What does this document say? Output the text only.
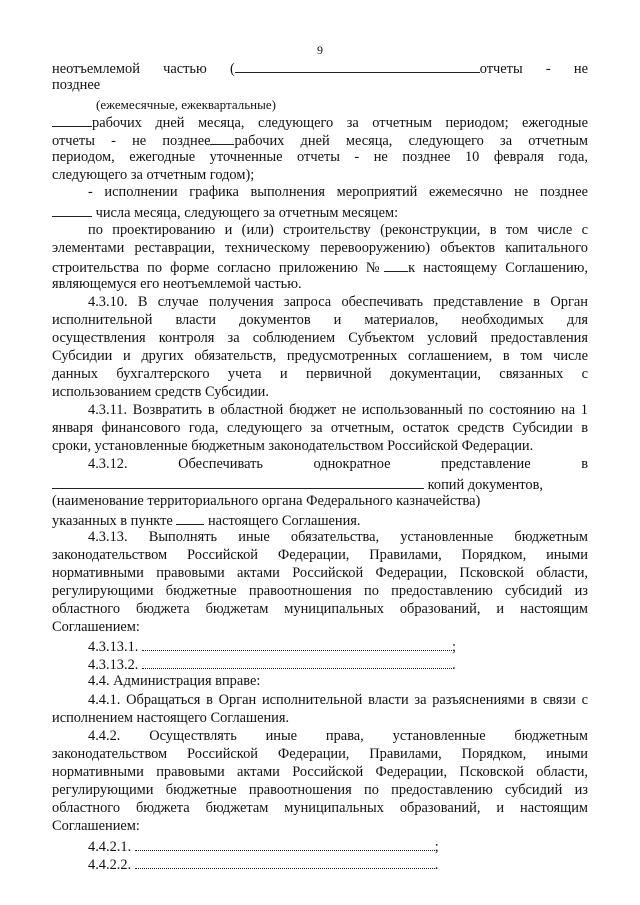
9
неотъемлемой частью (	отчеты - не
позднее
(ежемесячные, ежеквартальные)
рабочих дней месяца, следующего за отчетным периодом; ежегодные
отчеты - не позднее рабочих дней месяца, следующего за отчетным
периодом, ежегодные уточненные отчеты - не позднее 10 февраля года,
следующего за отчетным годом);
- исполнении графика выполнения мероприятий ежемесячно не позднее
числа месяца, следующего за отчетным месяцем:
по проектированию и (или) строительству (реконструкции, в том числе с
элементами реставрации, техническому перевооружению) объектов капитального
строительства по форме согласно приложению № к настоящему Соглашению,
являющемуся его неотъемлемой частью.
4.3.10. В случае получения запроса обеспечивать представление в Орган
исполнительной власти документов и материалов, необходимых для
осуществления контроля за соблюдением Субъектом условий предоставления
Субсидии и других обязательств, предусмотренных соглашением, в том числе
данных бухгалтерского учета и первичной документации, связанных с
использованием средств Субсидии.
4.3.11. Возвратить в областной бюджет не использованный по состоянию на 1
января финансового года, следующего за отчетным, остаток средств Субсидии в
сроки, установленные бюджетным законодательством Российской Федерации.
4.3.12. Обеспечивать однократное представление в
копий документов,
(наименование территориального органа Федерального казначейства)
указанных в пункте настоящего Соглашения.
4.3.13. Выполнять иные обязательства, установленные бюджетным
законодательством Российской Федерации, Правилами, Порядком, иными
нормативными правовыми актами Российской Федерации, Псковской области,
регулирующими бюджетные правоотношения по предоставлению субсидий из
областного бюджета бюджетам муниципальных образований, и настоящим
Соглашением:
4.3.13.1.	;
4.3.13.2.	.
4.4. Администрация вправе:
4.4.1. Обращаться в Орган исполнительной власти за разъяснениями в связи с
исполнением настоящего Соглашения.
4.4.2. Осуществлять иные права, установленные бюджетным
законодательством Российской Федерации, Правилами, Порядком, иными
нормативными правовыми актами Российской Федерации, Псковской области,
регулирующими бюджетные правоотношения по предоставлению субсидий из
областного бюджета бюджетам муниципальных образований, и настоящим
Соглашением:
4.4.2.1.	;
4.4.2.2.	.
